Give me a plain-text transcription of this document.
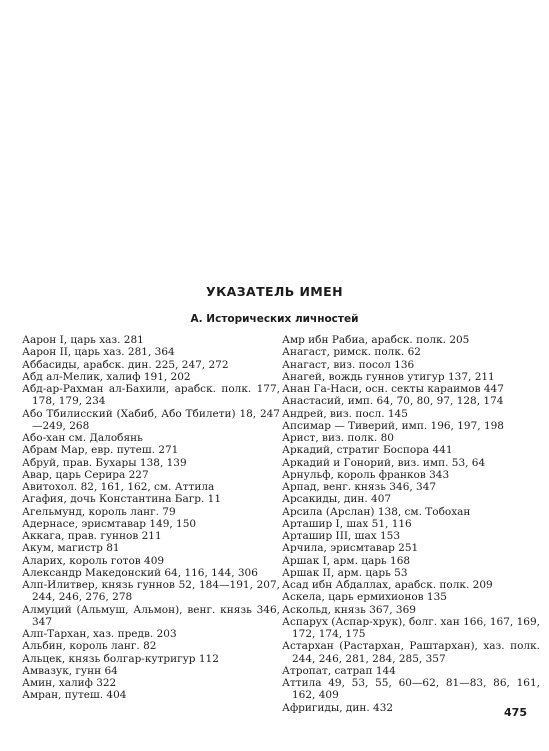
УКАЗАТЕЛЬ ИМЕН
А. Исторических личностей
Аарон I, царь хаз. 281
Аарон II, царь хаз. 281, 364
Аббасиды, арабск. дин. 225, 247, 272
Абд ал-Мелик, халиф 191, 202
Абд-ар-Рахман ал-Бахили, арабск. полк. 177, 178, 179, 234
Або Тбилисский (Хабиб, Або Тбилети) 18, 247—249, 268
Або-хан см. Далобянь
Абрам Мар, евр. путеш. 271
Абруй, прав. Бухары 138, 139
Авар, царь Серира 227
Авитохол. 82, 161, 162, см. Аттила
Агафия, дочь Константина Багр. 11
Агельмунд, король ланг. 79
Адернасе, эрисмтавар 149, 150
Аккага, прав. гуннов 211
Акум, магистр 81
Аларих, король готов 409
Александр Македонский 64, 116, 144, 306
Алп-Илитвер, князь гуннов 52, 184—191, 207, 244, 246, 276, 278
Алмуций (Альмуш, Альмон), венг. князь 346, 347
Алп-Тархан, хаз. предв. 203
Альбин, король ланг. 82
Альцек, князь болгар-кутригур 112
Амвазук, гунн 64
Амин, халиф 322
Амран, путеш. 404
Амр ибн Рабиа, арабск. полк. 205
Анагаст, римск. полк. 62
Анагаст, виз. посол 136
Анагей, вождь гуннов утигур 137, 211
Анан Га-Наси, осн. секты караимов 447
Анастасий, имп. 64, 70, 80, 97, 128, 174
Андрей, виз. посл. 145
Апсимар — Тиверий, имп. 196, 197, 198
Арист, виз. полк. 80
Аркадий, стратиг Боспора 441
Аркадий и Гонорий, виз. имп. 53, 64
Арнульф, король франков 343
Арпад, венг. князь 346, 347
Арсакиды, дин. 407
Арсила (Арслан) 138, см. Тобохан
Арташир I, шах 51, 116
Арташир III, шах 153
Арчила, эрисмтавар 251
Аршак I, арм. царь 168
Аршак II, арм. царь 53
Асад ибн Абдаллах, арабск. полк. 209
Аскела, царь ермихионов 135
Аскольд, князь 367, 369
Аспарух (Аспар-хрук), болг. хан 166, 167, 169, 172, 174, 175
Астархан (Растархан, Раштархан), хаз. полк. 244, 246, 281, 284, 285, 357
Атропат, сатрап 144
Аттила 49, 53, 55, 60—62, 81—83, 86, 161, 162, 409
Афригиды, дин. 432	475
